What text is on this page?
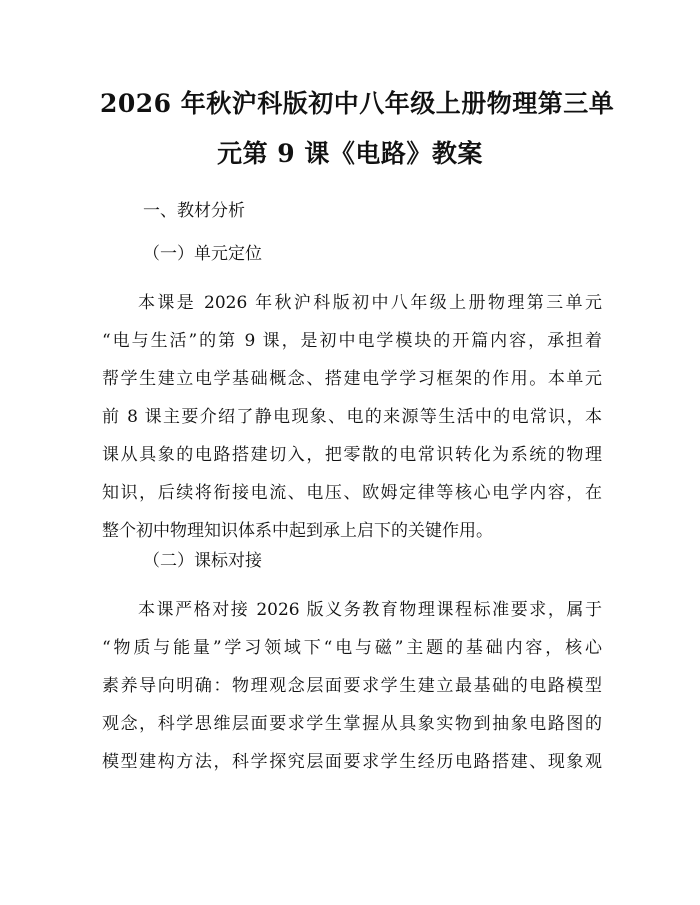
2026 年秋沪科版初中八年级上册物理第三单
元第 9 课《电路》教案

一、教材分析

（一）单元定位

本课是 2026 年秋沪科版初中八年级上册物理第三单元
“电与生活”的第 9 课，是初中电学模块的开篇内容，承担着
帮学生建立电学基础概念、搭建电学学习框架的作用。本单元
前 8 课主要介绍了静电现象、电的来源等生活中的电常识，本
课从具象的电路搭建切入，把零散的电常识转化为系统的物理
知识，后续将衔接电流、电压、欧姆定律等核心电学内容，在
整个初中物理知识体系中起到承上启下的关键作用。

（二）课标对接

本课严格对接 2026 版义务教育物理课程标准要求，属于
“物质与能量”学习领域下“电与磁”主题的基础内容，核心
素养导向明确：物理观念层面要求学生建立最基础的电路模型
观念，科学思维层面要求学生掌握从具象实物到抽象电路图的
模型建构方法，科学探究层面要求学生经历电路搭建、现象观
